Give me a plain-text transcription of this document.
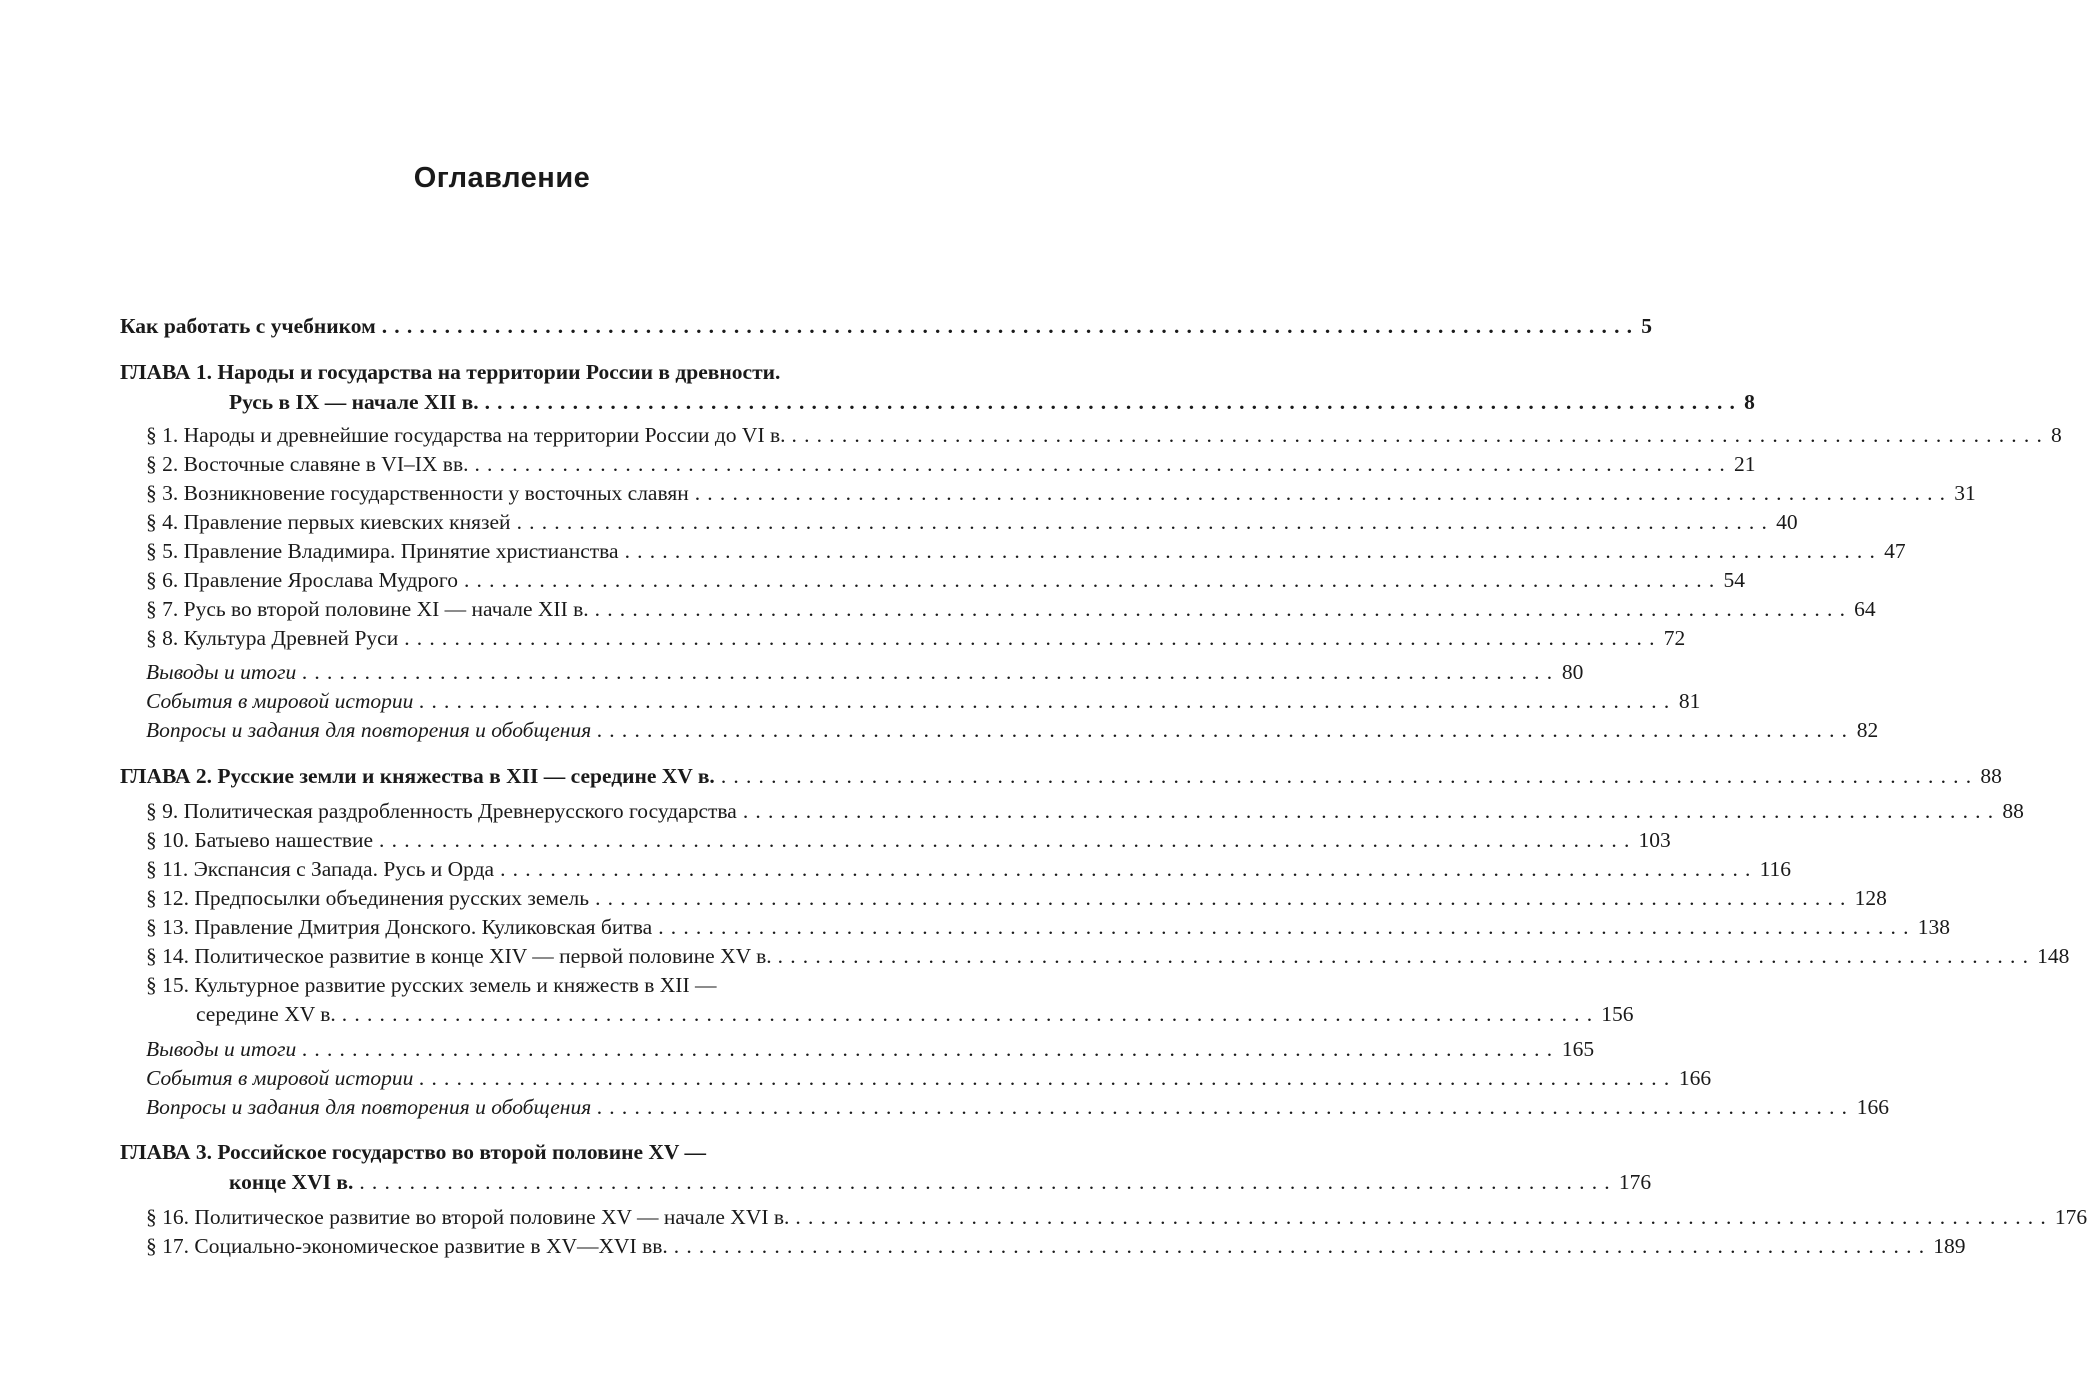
Оглавление
Как работать с учебником .................................................................................................... 5
ГЛАВА 1. Народы и государства на территории России в древности.
Русь в IX — начале XII в. .................................................................................................... 8
§ 1. Народы и древнейшие государства на территории России до VI в. .................................................................................................... 8
§ 2. Восточные славяне в VI–IX вв. .................................................................................................... 21
§ 3. Возникновение государственности у восточных славян .................................................................................................... 31
§ 4. Правление первых киевских князей .................................................................................................... 40
§ 5. Правление Владимира. Принятие христианства .................................................................................................... 47
§ 6. Правление Ярослава Мудрого .................................................................................................... 54
§ 7. Русь во второй половине XI — начале XII в. .................................................................................................... 64
§ 8. Культура Древней Руси .................................................................................................... 72
Выводы и итоги .................................................................................................... 80
События в мировой истории .................................................................................................... 81
Вопросы и задания для повторения и обобщения .................................................................................................... 82
ГЛАВА 2. Русские земли и княжества в XII — середине XV в. .................................................................................................... 88
§ 9. Политическая раздробленность Древнерусского государства .................................................................................................... 88
§ 10. Батыево нашествие .................................................................................................... 103
§ 11. Экспансия с Запада. Русь и Орда .................................................................................................... 116
§ 12. Предпосылки объединения русских земель .................................................................................................... 128
§ 13. Правление Дмитрия Донского. Куликовская битва .................................................................................................... 138
§ 14. Политическое развитие в конце XIV — первой половине XV в. .................................................................................................... 148
§ 15. Культурное развитие русских земель и княжеств в XII —
середине XV в. .................................................................................................... 156
Выводы и итоги .................................................................................................... 165
События в мировой истории .................................................................................................... 166
Вопросы и задания для повторения и обобщения .................................................................................................... 166
ГЛАВА 3. Российское государство во второй половине XV —
конце XVI в. .................................................................................................... 176
§ 16. Политическое развитие во второй половине XV — начале XVI в. .................................................................................................... 176
§ 17. Социально-экономическое развитие в XV—XVI вв. .................................................................................................... 189
